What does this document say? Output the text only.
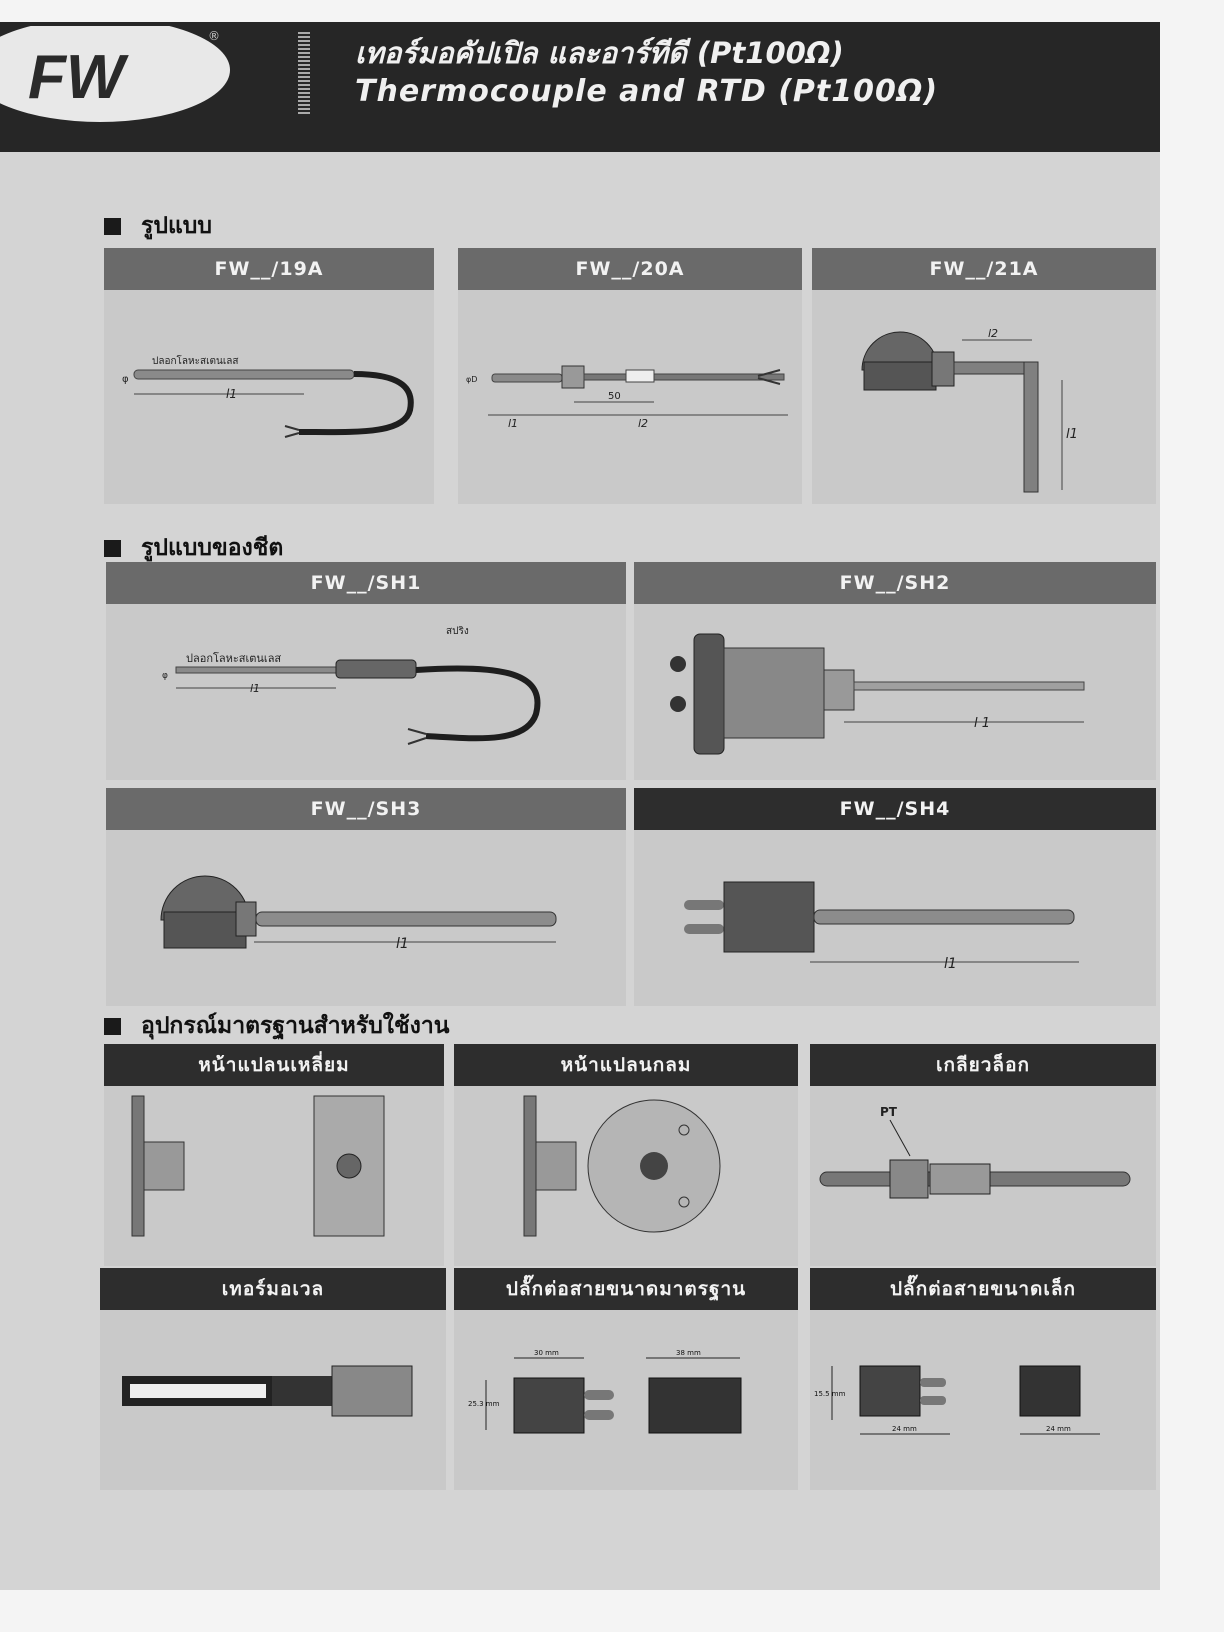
FW
®	เทอร์มอคัปเปิล และอาร์ทีดี (Pt100Ω)
Thermocouple and RTD (Pt100Ω)
รูปแบบ
FW__/19A
ปลอกโลหะสเตนเลส
φ
l1
FW__/20A
φD
50
l1	l2
FW__/21A
l2
l1
รูปแบบของชีต
FW__/SH1
สปริง
ปลอกโลหะสเตนเลส
φ
l1
FW__/SH2
l 1
FW__/SH3
l1
FW__/SH4
l1
อุปกรณ์มาตรฐานสำหรับใช้งาน
หน้าแปลนเหลี่ยม	หน้าแปลนกลม	เกลียวล็อก
PT
เทอร์มอเวล	ปลั๊กต่อสายขนาดมาตรฐาน
30 mm	38 mm
25.3 mm
ปลั๊กต่อสายขนาดเล็ก
15.5 mm
24 mm	24 mm
